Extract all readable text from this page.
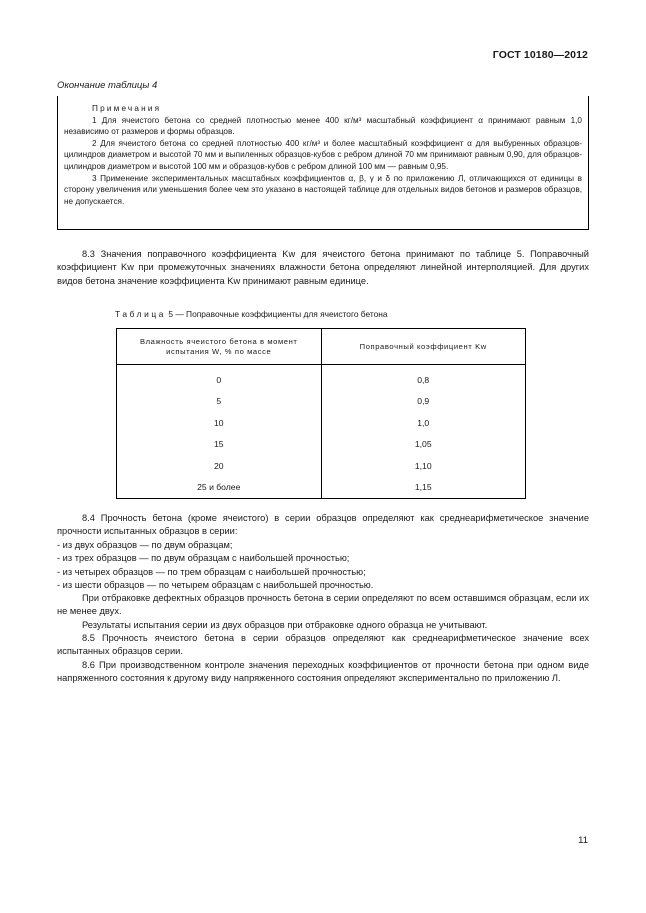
ГОСТ 10180—2012
Окончание таблицы 4
Примечания

1 Для ячеистого бетона со средней плотностью менее 400 кг/м³ масштабный коэффициент α принимают равным 1,0 независимо от размеров и формы образцов.

2 Для ячеистого бетона со средней плотностью 400 кг/м³ и более масштабный коэффициент α для выбуренных образцов-цилиндров диаметром и высотой 70 мм и выпиленных образцов-кубов с ребром длиной 70 мм принимают равным 0,90, для образцов-цилиндров диаметром и высотой 100 мм и образцов-кубов с ребром длиной 100 мм — равным 0,95.

3 Применение экспериментальных масштабных коэффициентов α, β, γ и δ по приложению Л, отличающихся от единицы в сторону увеличения или уменьшения более чем это указано в настоящей таблице для отдельных видов бетонов и размеров образцов, не допускается.

8.3 Значения поправочного коэффициента Kw для ячеистого бетона принимают по таблице 5. Поправочный коэффициент Kw при промежуточных значениях влажности бетона определяют линейной интерполяцией. Для других видов бетона значение коэффициента Kw принимают равным единице.

Таблица 5 — Поправочные коэффициенты для ячеистого бетона
Влажность ячеистого бетона в момент испытания W, % по массе	Поправочный коэффициент Kw
0	0,8
5	0,9
10	1,0
15	1,05
20	1,10
25 и более	1,15

8.4 Прочность бетона (кроме ячеистого) в серии образцов определяют как среднеарифметическое значение прочности испытанных образцов в серии:

- из двух образцов — по двум образцам;
- из трех образцов — по двум образцам с наибольшей прочностью;
- из четырех образцов — по трем образцам с наибольшей прочностью;
- из шести образцов — по четырем образцам с наибольшей прочностью.

При отбраковке дефектных образцов прочность бетона в серии определяют по всем оставшимся образцам, если их не менее двух.

Результаты испытания серии из двух образцов при отбраковке одного образца не учитывают.

8.5 Прочность ячеистого бетона в серии образцов определяют как среднеарифметическое значение всех испытанных образцов серии.

8.6 При производственном контроле значения переходных коэффициентов от прочности бетона при одном виде напряженного состояния к другому виду напряженного состояния определяют экспериментально по приложению Л.

11
